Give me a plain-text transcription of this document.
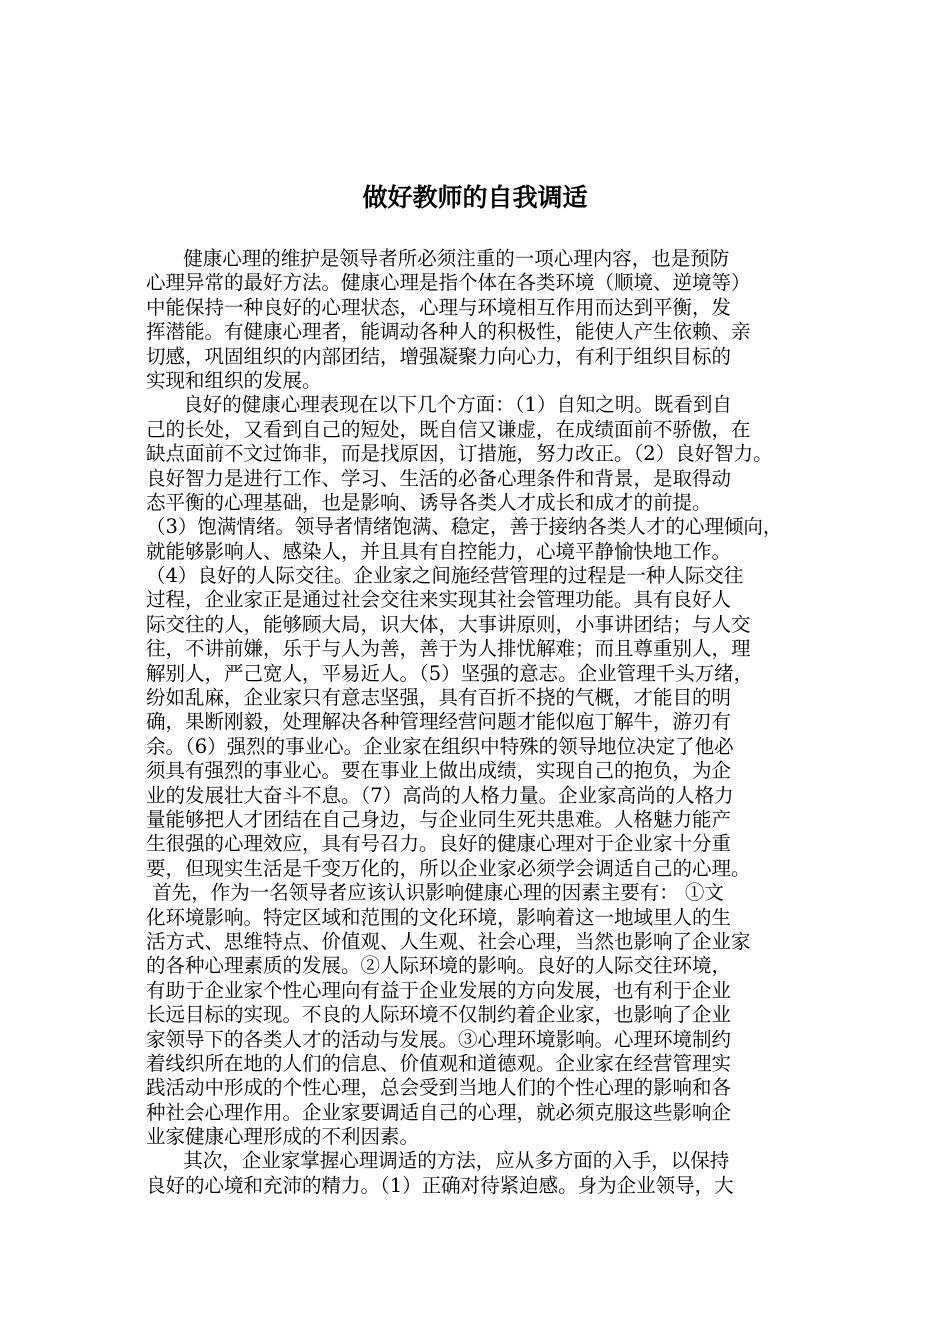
做好教师的自我调适
健康心理的维护是领导者所必须注重的一项心理内容，也是预防
心理异常的最好方法。健康心理是指个体在各类环境（顺境、逆境等）
中能保持一种良好的心理状态，心理与环境相互作用而达到平衡，发
挥潜能。有健康心理者，能调动各种人的积极性，能使人产生依赖、亲
切感，巩固组织的内部团结，增强凝聚力向心力，有利于组织目标的
实现和组织的发展。
良好的健康心理表现在以下几个方面：（1）自知之明。既看到自
己的长处，又看到自己的短处，既自信又谦虚，在成绩面前不骄傲，在
缺点面前不文过饰非，而是找原因，订措施，努力改正。（2）良好智力。
良好智力是进行工作、学习、生活的必备心理条件和背景，是取得动
态平衡的心理基础，也是影响、诱导各类人才成长和成才的前提。
（3）饱满情绪。领导者情绪饱满、稳定，善于接纳各类人才的心理倾向，
就能够影响人、感染人，并且具有自控能力，心境平静愉快地工作。
（4）良好的人际交往。企业家之间施经营管理的过程是一种人际交往
过程，企业家正是通过社会交往来实现其社会管理功能。具有良好人
际交往的人，能够顾大局，识大体，大事讲原则，小事讲团结；与人交
往，不讲前嫌，乐于与人为善，善于为人排忧解难；而且尊重别人，理
解别人，严己宽人，平易近人。（5）坚强的意志。企业管理千头万绪，
纷如乱麻，企业家只有意志坚强，具有百折不挠的气概，才能目的明
确，果断刚毅，处理解决各种管理经营问题才能似庖丁解牛，游刃有
余。（6）强烈的事业心。企业家在组织中特殊的领导地位决定了他必
须具有强烈的事业心。要在事业上做出成绩，实现自己的抱负，为企
业的发展壮大奋斗不息。（7）高尚的人格力量。企业家高尚的人格力
量能够把人才团结在自己身边，与企业同生死共患难。人格魅力能产
生很强的心理效应，具有号召力。良好的健康心理对于企业家十分重
要，但现实生活是千变万化的，所以企业家必须学会调适自己的心理。
首先，作为一名领导者应该认识影响健康心理的因素主要有： ①文
化环境影响。特定区域和范围的文化环境，影响着这一地域里人的生
活方式、思维特点、价值观、人生观、社会心理，当然也影响了企业家
的各种心理素质的发展。②人际环境的影响。良好的人际交往环境，
有助于企业家个性心理向有益于企业发展的方向发展，也有利于企业
长远目标的实现。不良的人际环境不仅制约着企业家，也影响了企业
家领导下的各类人才的活动与发展。③心理环境影响。心理环境制约
着线织所在地的人们的信息、价值观和道德观。企业家在经营管理实
践活动中形成的个性心理，总会受到当地人们的个性心理的影响和各
种社会心理作用。企业家要调适自己的心理，就必须克服这些影响企
业家健康心理形成的不利因素。
其次，企业家掌握心理调适的方法，应从多方面的入手，以保持
良好的心境和充沛的精力。（1）正确对待紧迫感。身为企业领导，大
